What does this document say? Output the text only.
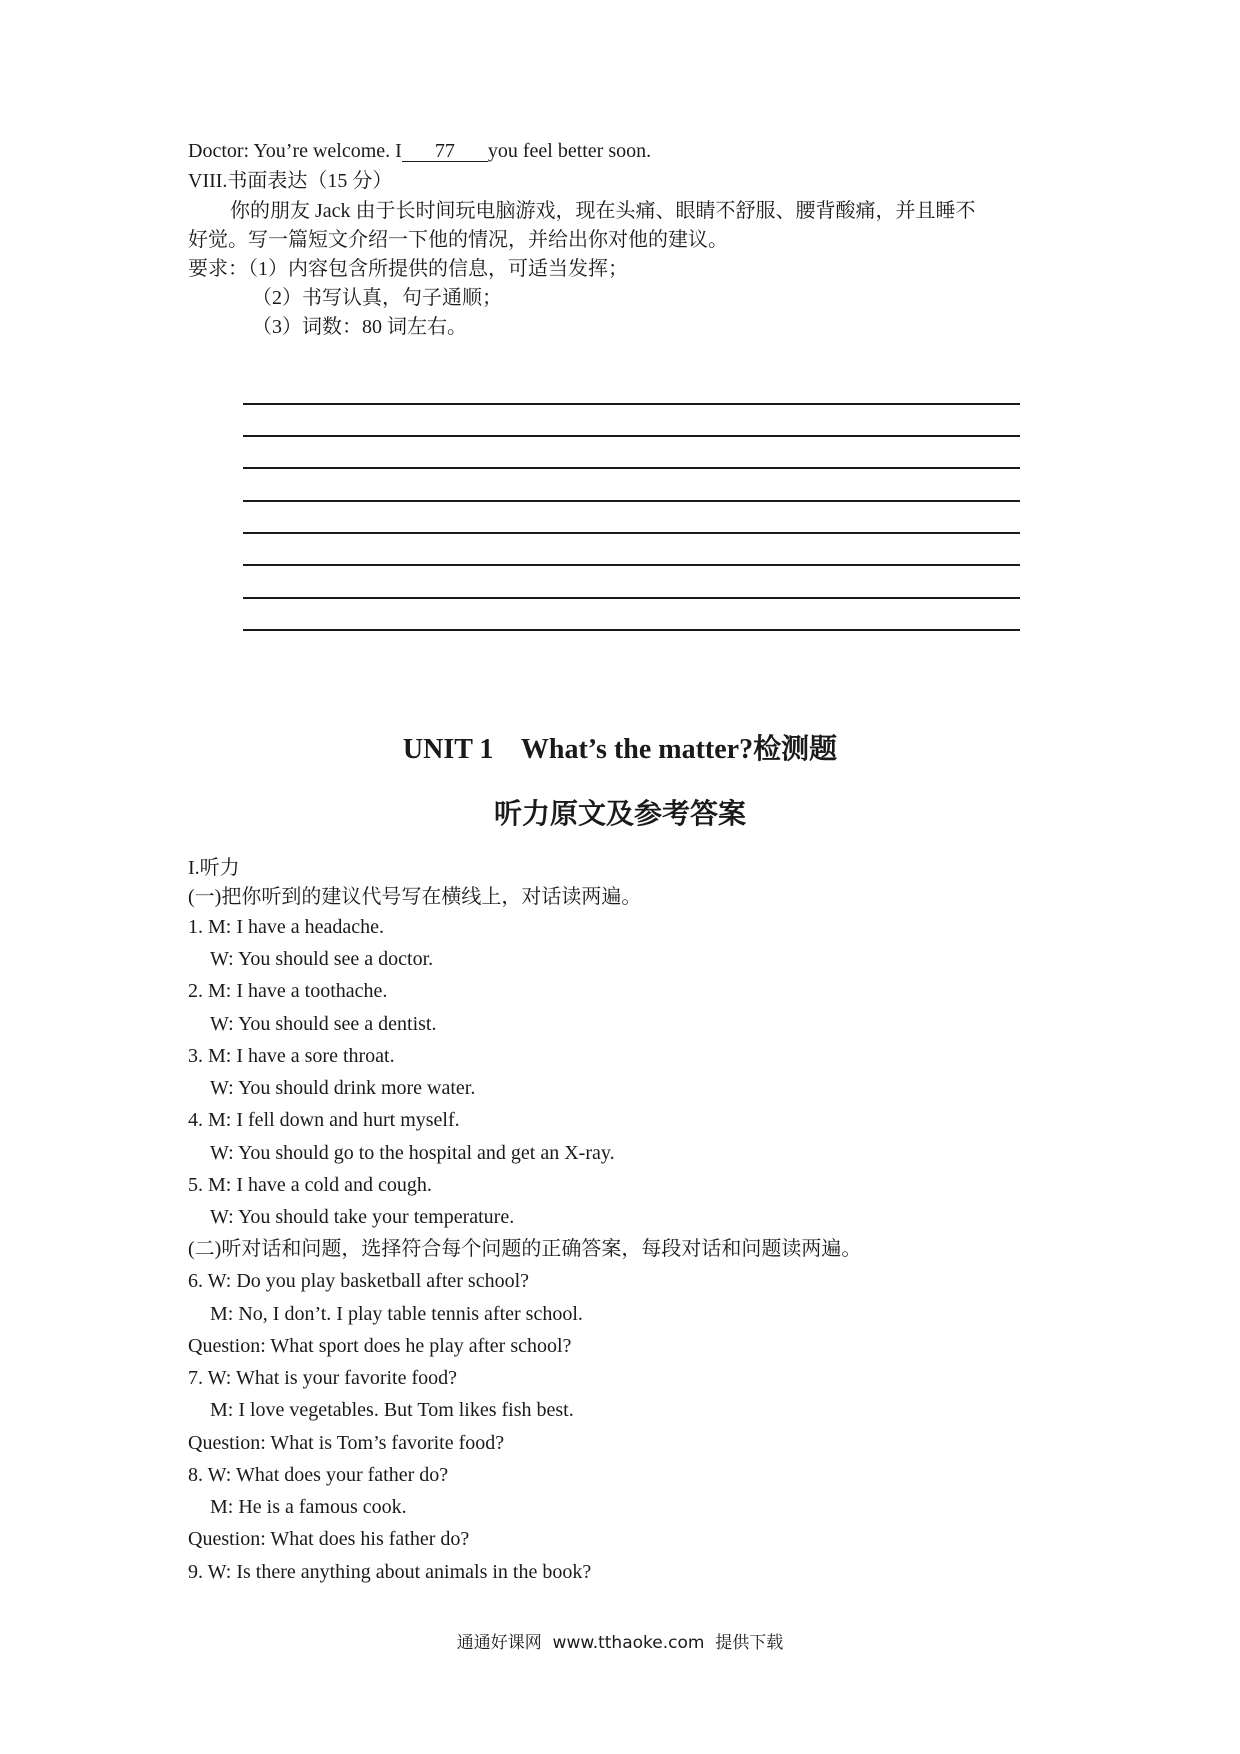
Doctor: You’re welcome. I 77 you feel better soon.
VIII.书面表达（15 分）
你的朋友 Jack 由于长时间玩电脑游戏，现在头痛、眼睛不舒服、腰背酸痛，并且睡不
好觉。写一篇短文介绍一下他的情况，并给出你对他的建议。
要求：（1）内容包含所提供的信息，可适当发挥；
（2）书写认真，句子通顺；
（3）词数：80 词左右。
UNIT 1    What’s the matter?检测题
听力原文及参考答案
I.听力
(一)把你听到的建议代号写在横线上，对话读两遍。
1. M: I have a headache.
W: You should see a doctor.
2. M: I have a toothache.
W: You should see a dentist.
3. M: I have a sore throat.
W: You should drink more water.
4. M: I fell down and hurt myself.
W: You should go to the hospital and get an X-ray.
5. M: I have a cold and cough.
W: You should take your temperature.
(二)听对话和问题，选择符合每个问题的正确答案，每段对话和问题读两遍。
6. W: Do you play basketball after school?
M: No, I don’t. I play table tennis after school.
Question: What sport does he play after school?
7. W: What is your favorite food?
M: I love vegetables. But Tom likes fish best.
Question: What is Tom’s favorite food?
8. W: What does your father do?
M: He is a famous cook.
Question: What does his father do?
9. W: Is there anything about animals in the book?
通通好课网  www.tthaoke.com  提供下载
